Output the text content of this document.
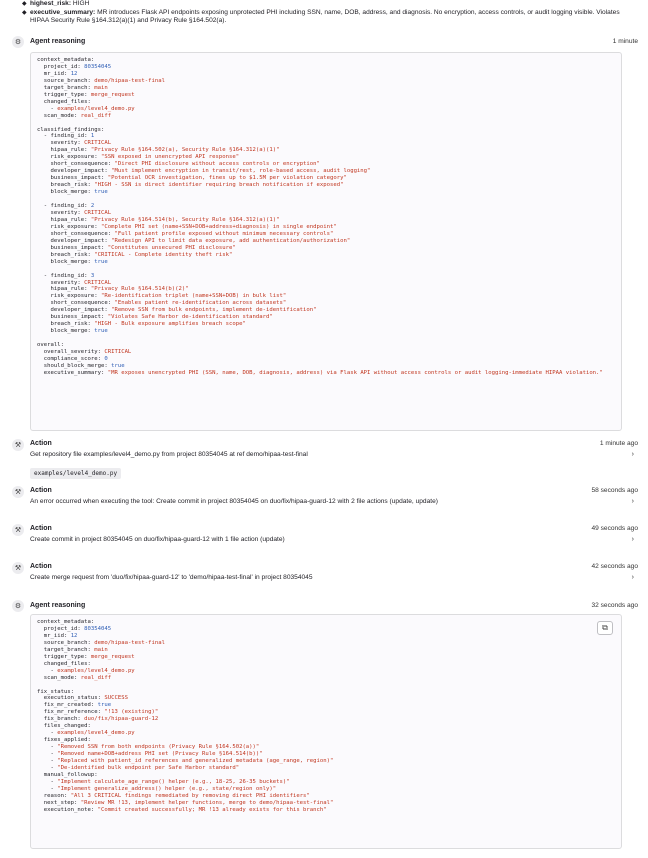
◆ highest_risk: HIGH
◆ executive_summary: MR introduces Flask API endpoints exposing unprotected PHI including SSN, name, DOB, address, and diagnosis. No encryption, access controls, or audit logging visible. Violates HIPAA Security Rule §164.312(a)(1) and Privacy Rule §164.502(a).
⚙	Agent reasoning	1 minute
context_metadata:
project_id: 80354045
mr_iid: 12
source_branch: demo/hipaa-test-final
target_branch: main
trigger_type: merge_request
changed_files:
- examples/level4_demo.py
scan_mode: real_diff

classified_findings:
- finding_id: 1
severity: CRITICAL
hipaa_rule: "Privacy Rule §164.502(a), Security Rule §164.312(a)(1)"
risk_exposure: "SSN exposed in unencrypted API response"
short_consequence: "Direct PHI disclosure without access controls or encryption"
developer_impact: "Must implement encryption in transit/rest, role-based access, audit logging"
business_impact: "Potential OCR investigation, fines up to $1.5M per violation category"
breach_risk: "HIGH - SSN is direct identifier requiring breach notification if exposed"
block_merge: true

- finding_id: 2
severity: CRITICAL
hipaa_rule: "Privacy Rule §164.514(b), Security Rule §164.312(a)(1)"
risk_exposure: "Complete PHI set (name+SSN+DOB+address+diagnosis) in single endpoint"
short_consequence: "Full patient profile exposed without minimum necessary controls"
developer_impact: "Redesign API to limit data exposure, add authentication/authorization"
business_impact: "Constitutes unsecured PHI disclosure"
breach_risk: "CRITICAL - Complete identity theft risk"
block_merge: true

- finding_id: 3
severity: CRITICAL
hipaa_rule: "Privacy Rule §164.514(b)(2)"
risk_exposure: "Re-identification triplet (name+SSN+DOB) in bulk list"
short_consequence: "Enables patient re-identification across datasets"
developer_impact: "Remove SSN from bulk endpoints, implement de-identification"
business_impact: "Violates Safe Harbor de-identification standard"
breach_risk: "HIGH - Bulk exposure amplifies breach scope"
block_merge: true

overall:
overall_severity: CRITICAL
compliance_score: 0
should_block_merge: true
executive_summary: "MR exposes unencrypted PHI (SSN, name, DOB, diagnosis, address) via Flask API without access controls or audit logging-immediate HIPAA violation."
⚒	Action	1 minute ago
Get repository file examples/level4_demo.py from project 80354045 at ref demo/hipaa-test-final	›
examples/level4_demo.py
⚒	Action	58 seconds ago
An error occurred when executing the tool: Create commit in project 80354045 on duo/fix/hipaa-guard-12 with 2 file actions (update, update)	›
⚒	Action	49 seconds ago
Create commit in project 80354045 on duo/fix/hipaa-guard-12 with 1 file action (update)	›
⚒	Action	42 seconds ago
Create merge request from 'duo/fix/hipaa-guard-12' to 'demo/hipaa-test-final' in project 80354045	›
⚙	Agent reasoning	32 seconds ago
⧉
context_metadata:
project_id: 80354045
mr_iid: 12
source_branch: demo/hipaa-test-final
target_branch: main
trigger_type: merge_request
changed_files:
- examples/level4_demo.py
scan_mode: real_diff

fix_status:
execution_status: SUCCESS
fix_mr_created: true
fix_mr_reference: "!13 (existing)"
fix_branch: duo/fix/hipaa-guard-12
files_changed:
- examples/level4_demo.py
fixes_applied:
- "Removed SSN from both endpoints (Privacy Rule §164.502(a))"
- "Removed name+DOB+address PHI set (Privacy Rule §164.514(b))"
- "Replaced with patient_id references and generalized metadata (age_range, region)"
- "De-identified bulk endpoint per Safe Harbor standard"
manual_followup:
- "Implement calculate_age_range() helper (e.g., 18-25, 26-35 buckets)"
- "Implement generalize_address() helper (e.g., state/region only)"
reason: "All 3 CRITICAL findings remediated by removing direct PHI identifiers"
next_step: "Review MR !13, implement helper functions, merge to demo/hipaa-test-final"
execution_note: "Commit created successfully; MR !13 already exists for this branch"
